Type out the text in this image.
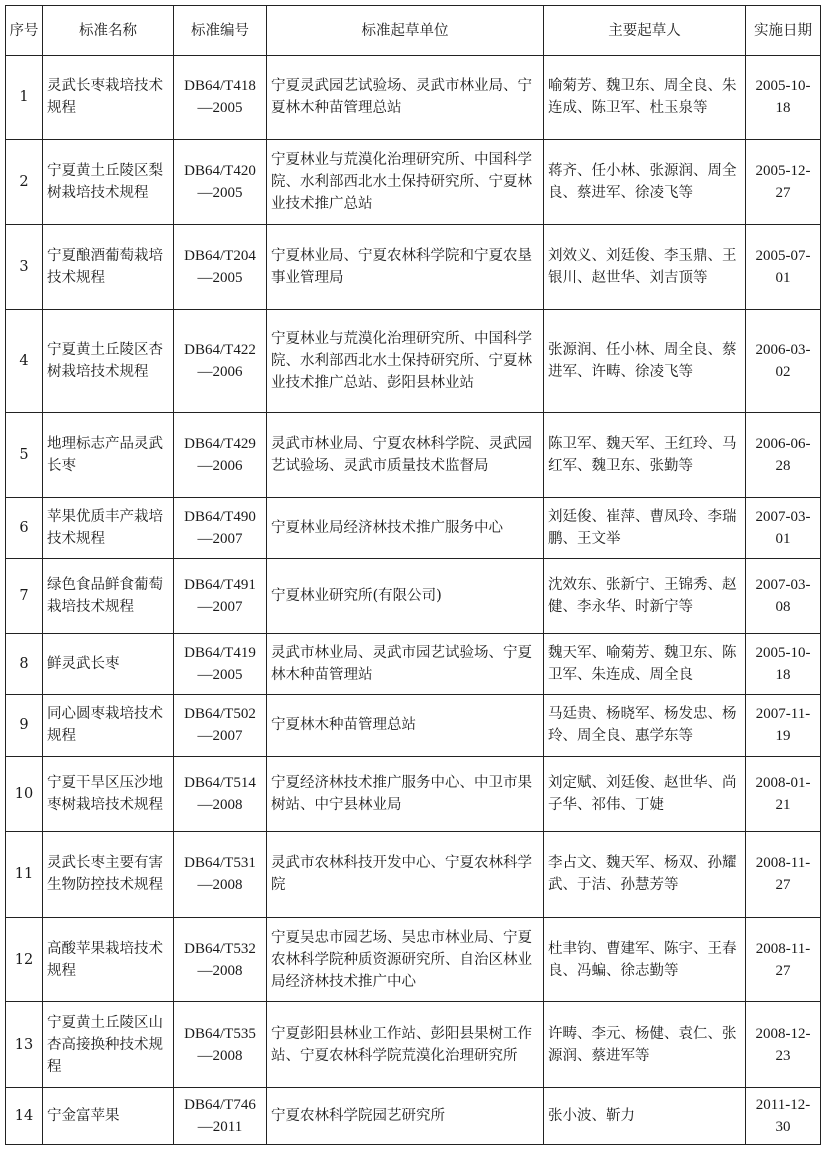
序号	标准名称	标准编号	标准起草单位	主要起草人	实施日期
1	灵武长枣栽培技术规程	DB64/T418—2005	宁夏灵武园艺试验场、灵武市林业局、宁夏林木种苗管理总站	喻菊芳、魏卫东、周全良、朱连成、陈卫军、杜玉泉等	2005-10-18
2	宁夏黄土丘陵区梨树栽培技术规程	DB64/T420—2005	宁夏林业与荒漠化治理研究所、中国科学院、水利部西北水土保持研究所、宁夏林业技术推广总站	蒋齐、任小林、张源润、周全良、蔡进军、徐凌飞等	2005-12-27
3	宁夏酿酒葡萄栽培技术规程	DB64/T204—2005	宁夏林业局、宁夏农林科学院和宁夏农垦事业管理局	刘效义、刘廷俊、李玉鼎、王银川、赵世华、刘吉顶等	2005-07-01
4	宁夏黄土丘陵区杏树栽培技术规程	DB64/T422—2006	宁夏林业与荒漠化治理研究所、中国科学院、水利部西北水土保持研究所、宁夏林业技术推广总站、彭阳县林业站	张源润、任小林、周全良、蔡进军、许畴、徐凌飞等	2006-03-02
5	地理标志产品灵武长枣	DB64/T429—2006	灵武市林业局、宁夏农林科学院、灵武园艺试验场、灵武市质量技术监督局	陈卫军、魏天军、王红玲、马红军、魏卫东、张勤等	2006-06-28
6	苹果优质丰产栽培技术规程	DB64/T490—2007	宁夏林业局经济林技术推广服务中心	刘廷俊、崔萍、曹凤玲、李瑞鹏、王文举	2007-03-01
7	绿色食品鲜食葡萄栽培技术规程	DB64/T491—2007	宁夏林业研究所(有限公司)	沈效东、张新宁、王锦秀、赵健、李永华、时新宁等	2007-03-08
8	鲜灵武长枣	DB64/T419—2005	灵武市林业局、灵武市园艺试验场、宁夏林木种苗管理站	魏天军、喻菊芳、魏卫东、陈卫军、朱连成、周全良	2005-10-18
9	同心圆枣栽培技术规程	DB64/T502—2007	宁夏林木种苗管理总站	马廷贵、杨晓军、杨发忠、杨玲、周全良、惠学东等	2007-11-19
10	宁夏干旱区压沙地枣树栽培技术规程	DB64/T514—2008	宁夏经济林技术推广服务中心、中卫市果树站、中宁县林业局	刘定赋、刘廷俊、赵世华、尚子华、祁伟、丁婕	2008-01-21
11	灵武长枣主要有害生物防控技术规程	DB64/T531—2008	灵武市农林科技开发中心、宁夏农林科学院	李占文、魏天军、杨双、孙耀武、于洁、孙慧芳等	2008-11-27
12	高酸苹果栽培技术规程	DB64/T532—2008	宁夏吴忠市园艺场、吴忠市林业局、宁夏农林科学院种质资源研究所、自治区林业局经济林技术推广中心	杜聿钧、曹建军、陈宇、王春良、冯蝙、徐志勤等	2008-11-27
13	宁夏黄土丘陵区山杏高接换种技术规程	DB64/T535—2008	宁夏彭阳县林业工作站、彭阳县果树工作站、宁夏农林科学院荒漠化治理研究所	许畴、李元、杨健、袁仁、张源润、蔡进军等	2008-12-23
14	宁金富苹果	DB64/T746—2011	宁夏农林科学院园艺研究所	张小波、靳力	2011-12-30
